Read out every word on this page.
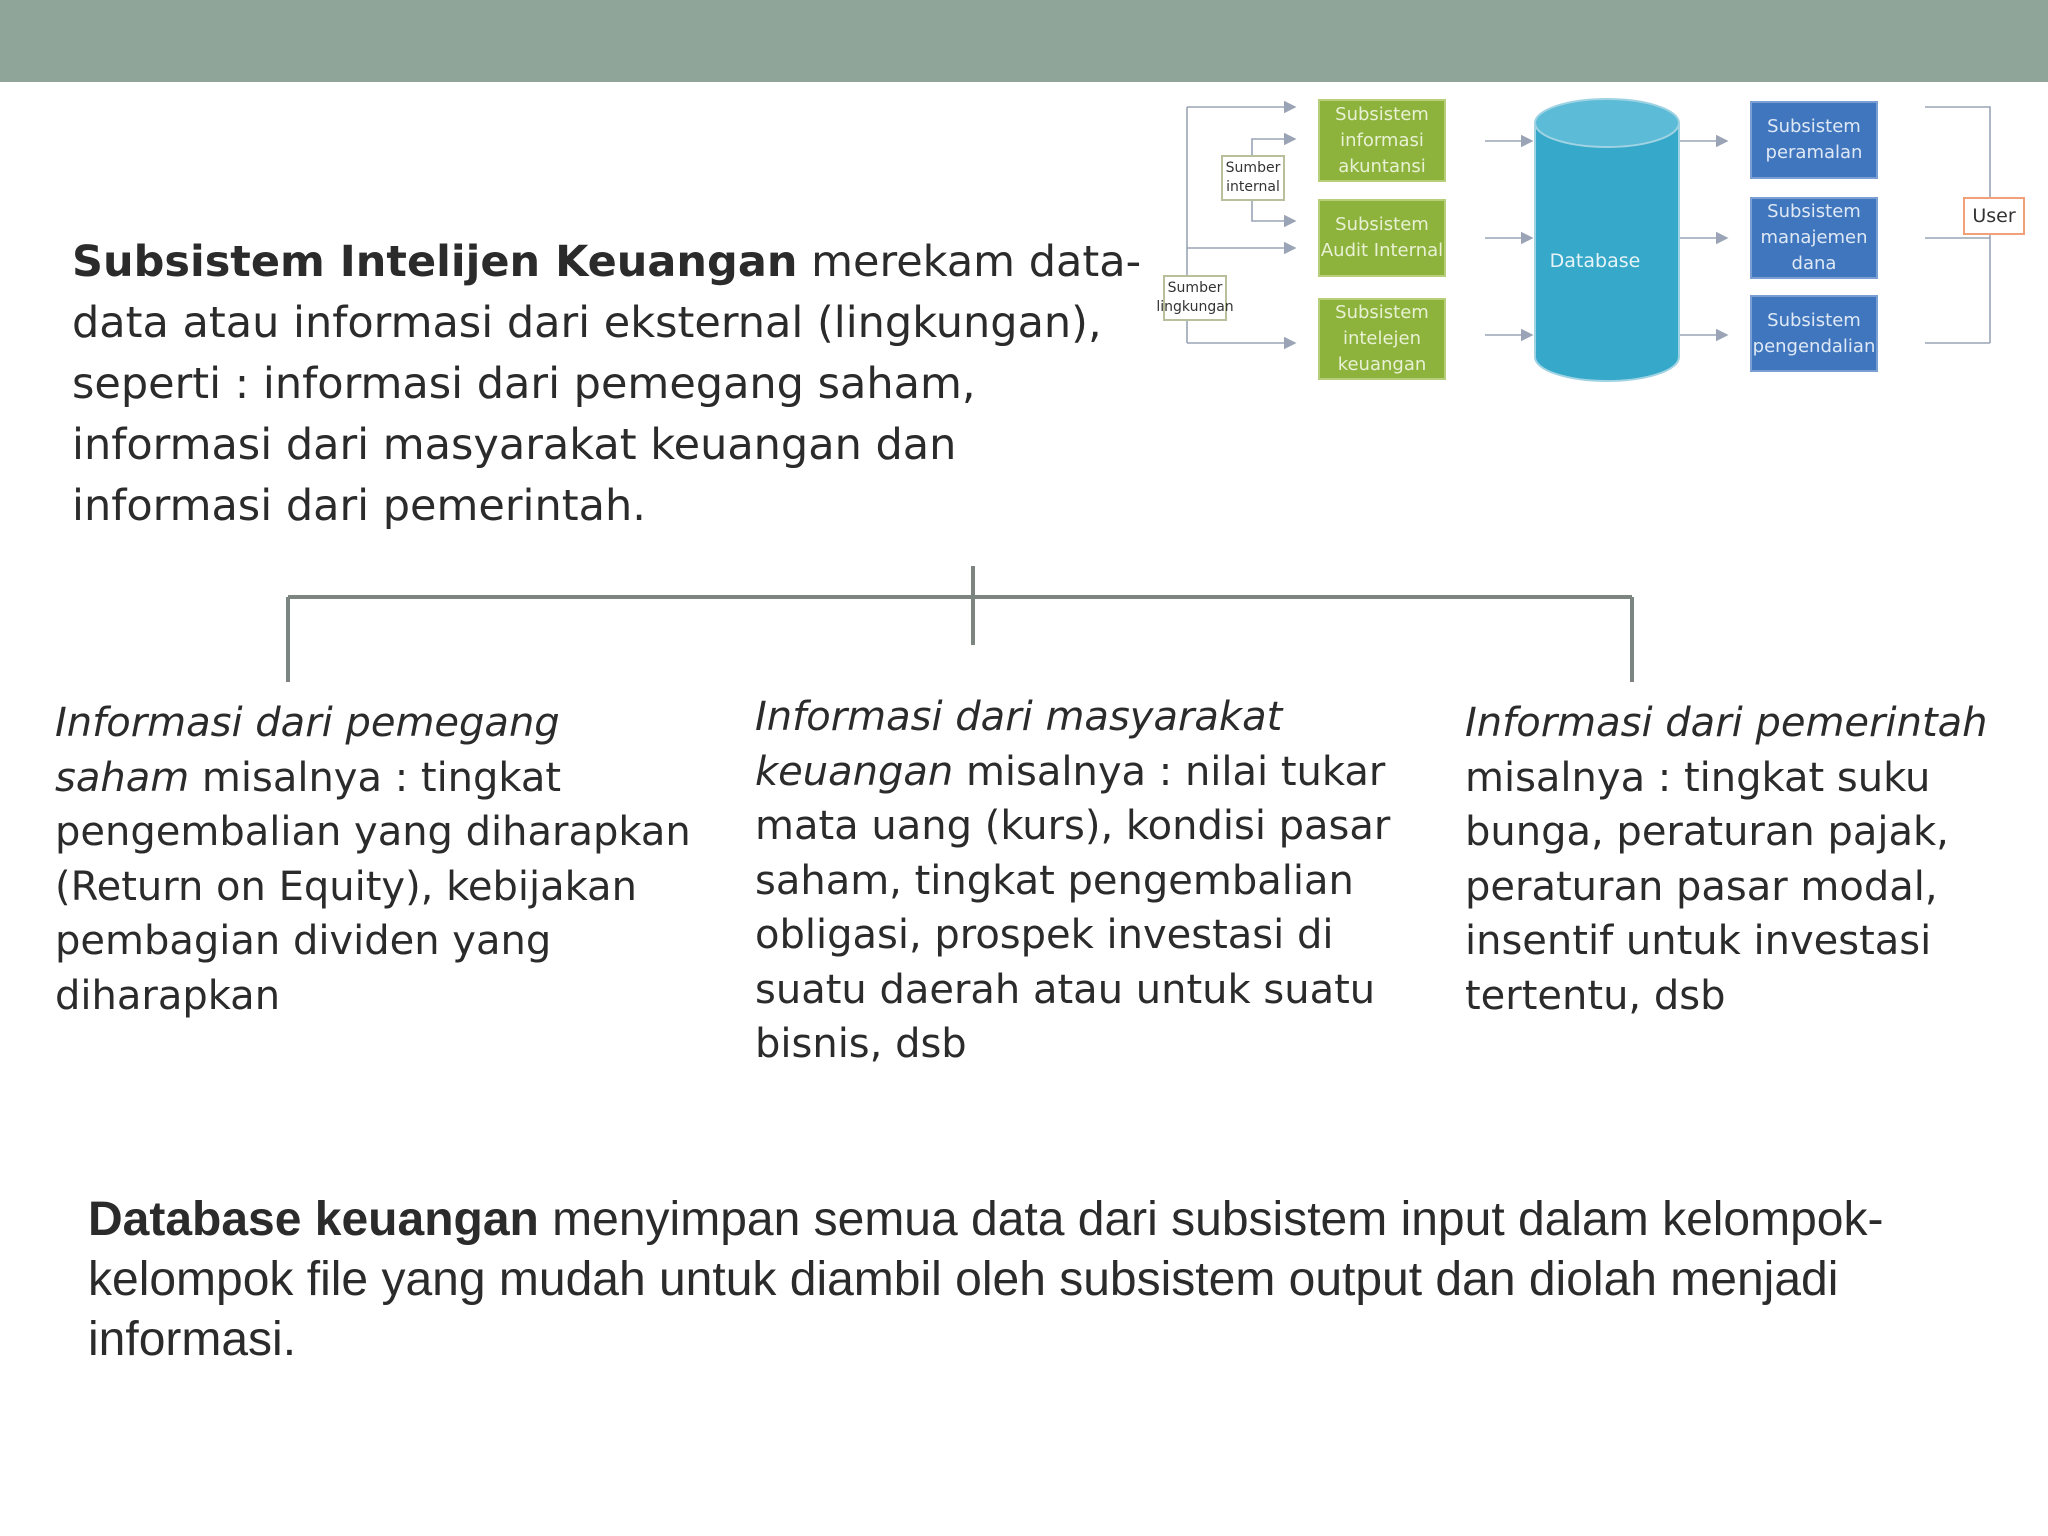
Subsistem Intelijen Keuangan merekam data-data atau informasi dari eksternal (lingkungan), seperti : informasi dari pemegang saham, informasi dari masyarakat keuangan dan informasi dari pemerintah.
Sumber internal
Sumber lingkungan
Subsistem informasi akuntansi
Subsistem Audit Internal
Subsistem intelejen keuangan
Database
Subsistem peramalan
Subsistem manajemen dana
Subsistem pengendalian
User
Informasi dari pemegang saham misalnya : tingkat pengembalian yang diharapkan (Return on Equity), kebijakan pembagian dividen yang diharapkan
Informasi dari masyarakat keuangan misalnya : nilai tukar mata uang (kurs), kondisi pasar saham, tingkat pengembalian obligasi, prospek investasi di suatu daerah atau untuk suatu bisnis, dsb
Informasi dari pemerintah misalnya : tingkat suku bunga, peraturan pajak, peraturan pasar modal, insentif untuk investasi tertentu, dsb
Database keuangan menyimpan semua data dari subsistem input dalam kelompok-kelompok file yang mudah untuk diambil oleh subsistem output dan diolah menjadi informasi.
